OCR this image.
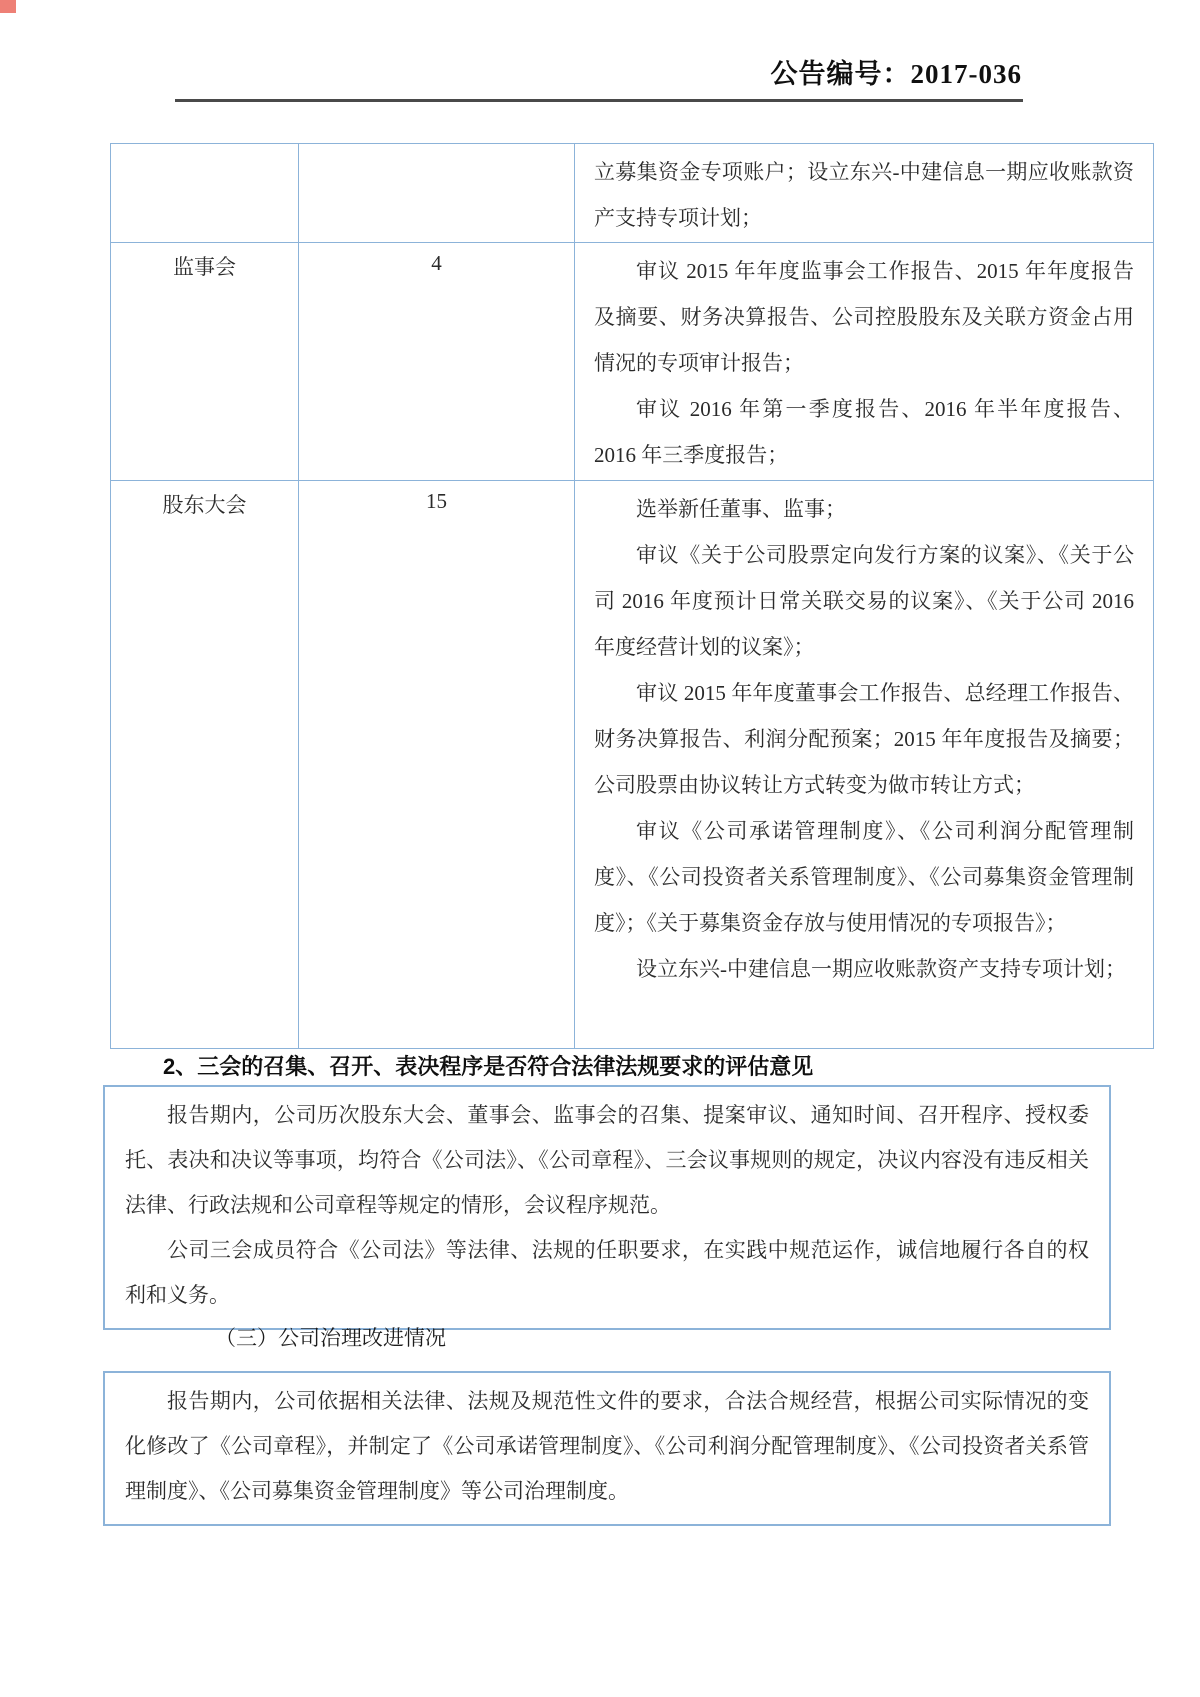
公告编号：2017-036

		立募集资金专项账户；设立东兴-中建信息一期应收账款资产支持专项计划；

监事会	4	审议 2015 年年度监事会工作报告、2015 年年度报告及摘要、财务决算报告、公司控股股东及关联方资金占用情况的专项审计报告；

审议 2016 年第一季度报告、2016 年半年度报告、2016 年三季度报告；

股东大会	15	选举新任董事、监事；

审议《关于公司股票定向发行方案的议案》、《关于公司 2016 年度预计日常关联交易的议案》、《关于公司 2016 年度经营计划的议案》；

审议 2015 年年度董事会工作报告、总经理工作报告、财务决算报告、利润分配预案；2015 年年度报告及摘要；公司股票由协议转让方式转变为做市转让方式；

审议《公司承诺管理制度》、《公司利润分配管理制度》、《公司投资者关系管理制度》、《公司募集资金管理制度》；《关于募集资金存放与使用情况的专项报告》；

设立东兴-中建信息一期应收账款资产支持专项计划；

2、三会的召集、召开、表决程序是否符合法律法规要求的评估意见

报告期内，公司历次股东大会、董事会、监事会的召集、提案审议、通知时间、召开程序、授权委托、表决和决议等事项，均符合《公司法》、《公司章程》、三会议事规则的规定，决议内容没有违反相关法律、行政法规和公司章程等规定的情形，会议程序规范。

公司三会成员符合《公司法》等法律、法规的任职要求，在实践中规范运作，诚信地履行各自的权利和义务。

（三）公司治理改进情况

报告期内，公司依据相关法律、法规及规范性文件的要求，合法合规经营，根据公司实际情况的变化修改了《公司章程》，并制定了《公司承诺管理制度》、《公司利润分配管理制度》、《公司投资者关系管理制度》、《公司募集资金管理制度》等公司治理制度。
